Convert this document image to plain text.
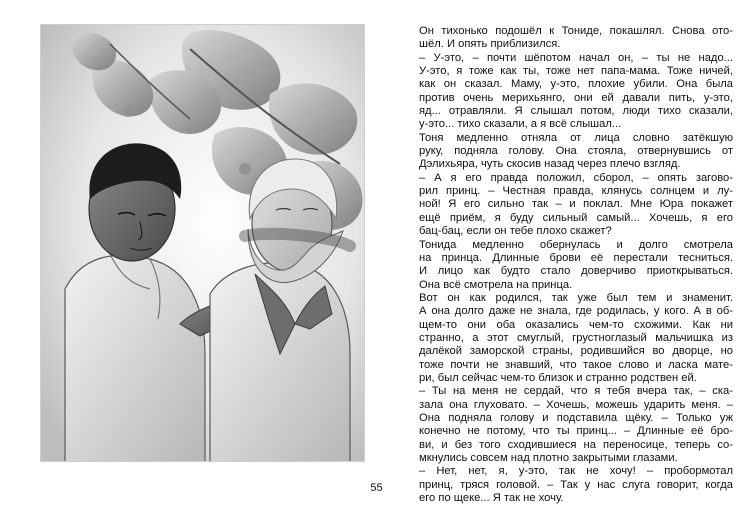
Он тихонько подошёл к Тониде, покашлял. Снова ото-
шёл. И опять приблизился.
– У-это, – почти шёпотом начал он, – ты не надо...
У-это, я тоже как ты, тоже нет папа-мама. Тоже ничей,
как он сказал. Маму, у-это, плохие убили. Она была
против очень мерихьянго, они ей давали пить, у-это,
яд... отравляли. Я слышал потом, люди тихо сказали,
у-это... тихо сказали, а я всё слышал...
Тоня медленно отняла от лица словно затёкшую
руку, подняла голову. Она стояла, отвернувшись от
Дэлихьяра, чуть скосив назад через плечо взгляд.
– А я его правда положил, сборол, – опять загово-
рил принц. – Честная правда, клянусь солнцем и лу-
ной! Я его сильно так – и поклал. Мне Юра покажет
ещё приём, я буду сильный самый... Хочешь, я его
бац-бац, если он тебе плохо скажет?
Тонида медленно обернулась и долго смотрела
на принца. Длинные брови её перестали тесниться.
И лицо как будто стало доверчиво приоткрываться.
Она всё смотрела на принца.
Вот он как родился, так уже был тем и знаменит.
А она долго даже не знала, где родилась, у кого. А в об-
щем-то они оба оказались чем-то схожими. Как ни
странно, а этот смуглый, грустноглазый мальчишка из
далёкой заморской страны, родившийся во дворце, но
тоже почти не знавший, что такое слово и ласка мате-
ри, был сейчас чем-то близок и странно родствен ей.
– Ты на меня не сердай, что я тебя вчера так, – ска-
зала она глуховато. – Хочешь, можешь ударить меня. –
Она подняла голову и подставила щёку. – Только уж
конечно не потому, что ты принц... – Длинные её бро-
ви, и без того сходившиеся на переносице, теперь со-
мкнулись совсем над плотно закрытыми глазами.
– Нет, нет, я, у-это, так не хочу! – пробормотал
принц, тряся головой. – Так у нас слуга говорит, когда
его по щеке... Я так не хочу.
55
